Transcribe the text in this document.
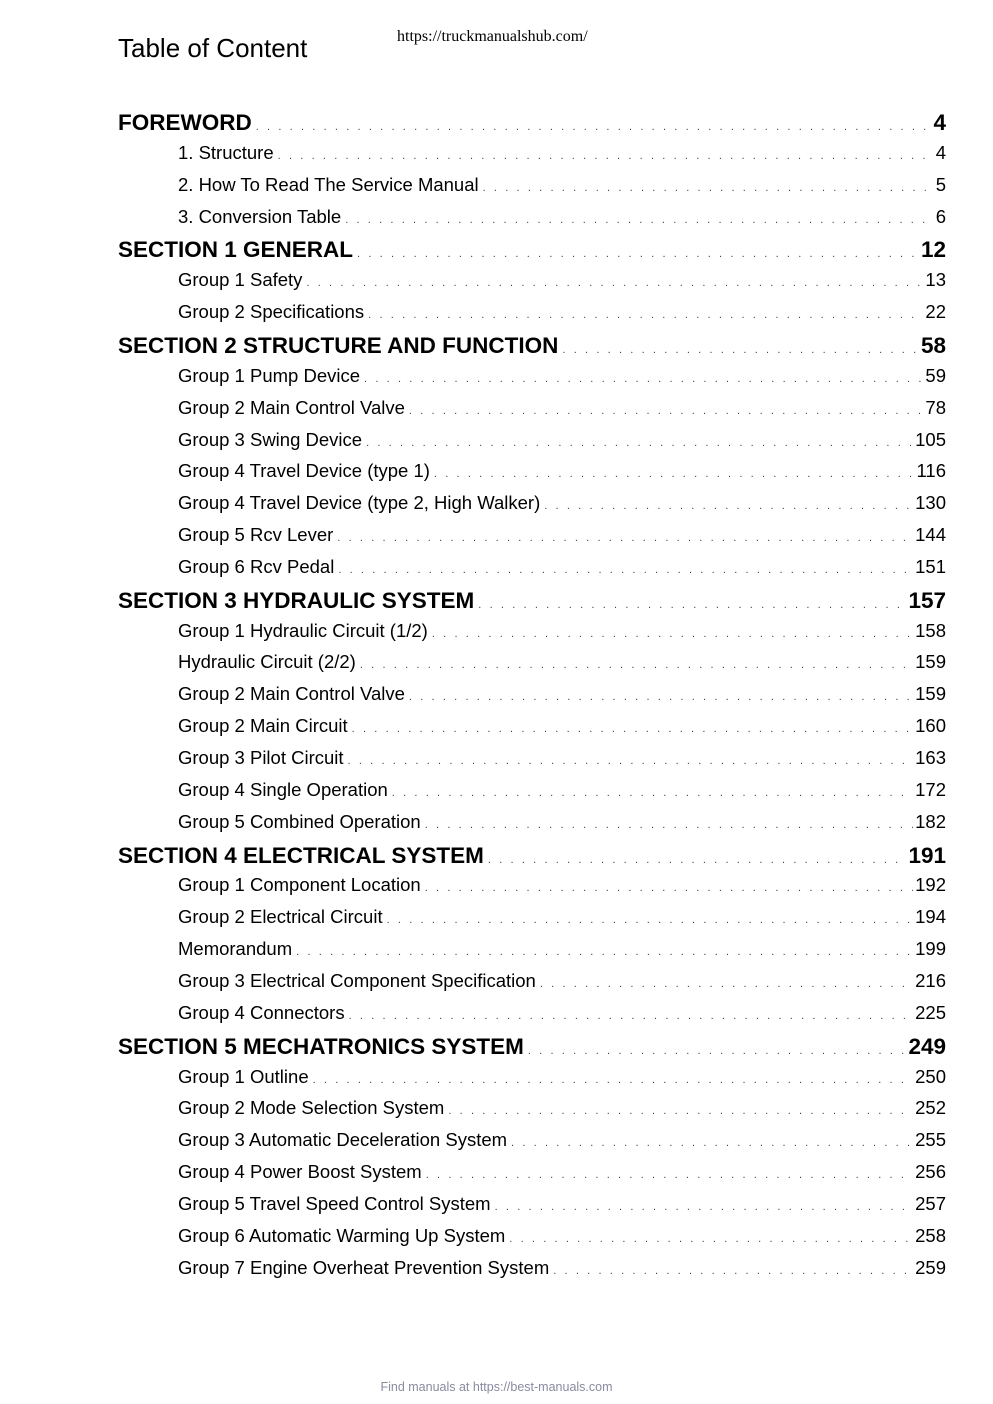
Table of Content	https://truckmanualshub.com/
FOREWORD . . .	4
1. Structure . . .	4
2. How To Read The Service Manual . . .	5
3. Conversion Table . . .	6
SECTION 1 GENERAL . . .	12
Group 1 Safety . . .	13
Group 2 Specifications . . .	22
SECTION 2 STRUCTURE AND FUNCTION . . .	58
Group 1 Pump Device . . .	59
Group 2 Main Control Valve . . .	78
Group 3 Swing Device . . .	105
Group 4 Travel Device (type 1) . . .	116
Group 4 Travel Device (type 2, High Walker) . . .	130
Group 5 Rcv Lever . . .	144
Group 6 Rcv Pedal . . .	151
SECTION 3 HYDRAULIC SYSTEM . . .	157
Group 1 Hydraulic Circuit (1/2) . . .	158
Hydraulic Circuit (2/2) . . .	159
Group 2 Main Control Valve . . .	159
Group 2 Main Circuit . . .	160
Group 3 Pilot Circuit . . .	163
Group 4 Single Operation . . .	172
Group 5 Combined Operation . . .	182
SECTION 4 ELECTRICAL SYSTEM . . .	191
Group 1 Component Location . . .	192
Group 2 Electrical Circuit . . .	194
Memorandum . . .	199
Group 3 Electrical Component Specification . . .	216
Group 4 Connectors . . .	225
SECTION 5 MECHATRONICS SYSTEM . . .	249
Group 1 Outline . . .	250
Group 2 Mode Selection System . . .	252
Group 3 Automatic Deceleration System . . .	255
Group 4 Power Boost System . . .	256
Group 5 Travel Speed Control System . . .	257
Group 6 Automatic Warming Up System . . .	258
Group 7 Engine Overheat Prevention System . . .	259
Find manuals at https://best-manuals.com
